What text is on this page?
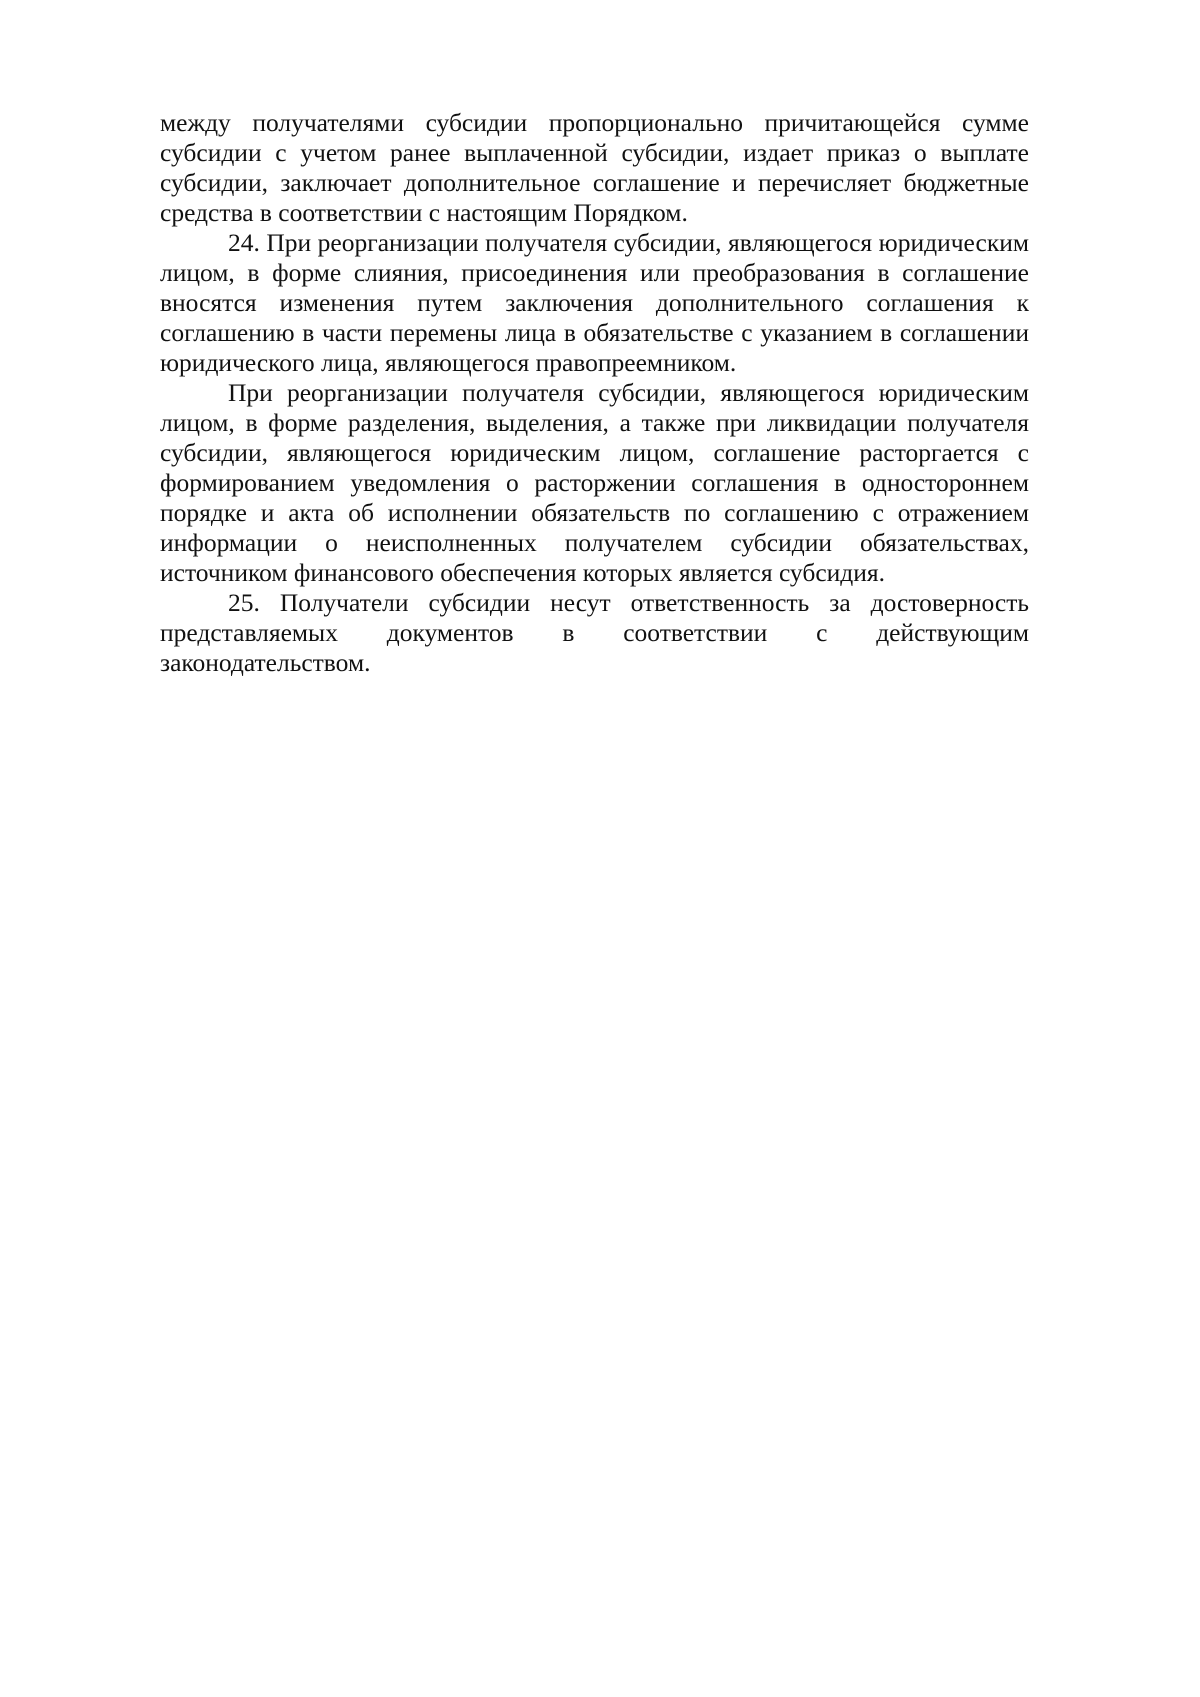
между получателями субсидии пропорционально причитающейся сумме субсидии с учетом ранее выплаченной субсидии, издает приказ о выплате субсидии, заключает дополнительное соглашение и перечисляет бюджетные средства в соответствии с настоящим Порядком.

24. При реорганизации получателя субсидии, являющегося юридическим лицом, в форме слияния, присоединения или преобразования в соглашение вносятся изменения путем заключения дополнительного соглашения к соглашению в части перемены лица в обязательстве с указанием в соглашении юридического лица, являющегося правопреемником.

При реорганизации получателя субсидии, являющегося юридическим лицом, в форме разделения, выделения, а также при ликвидации получателя субсидии, являющегося юридическим лицом, соглашение расторгается с формированием уведомления о расторжении соглашения в одностороннем порядке и акта об исполнении обязательств по соглашению с отражением информации о неисполненных получателем субсидии обязательствах, источником финансового обеспечения которых является субсидия.

25. Получатели субсидии несут ответственность за достоверность представляемых документов в соответствии с действующим законодательством.
